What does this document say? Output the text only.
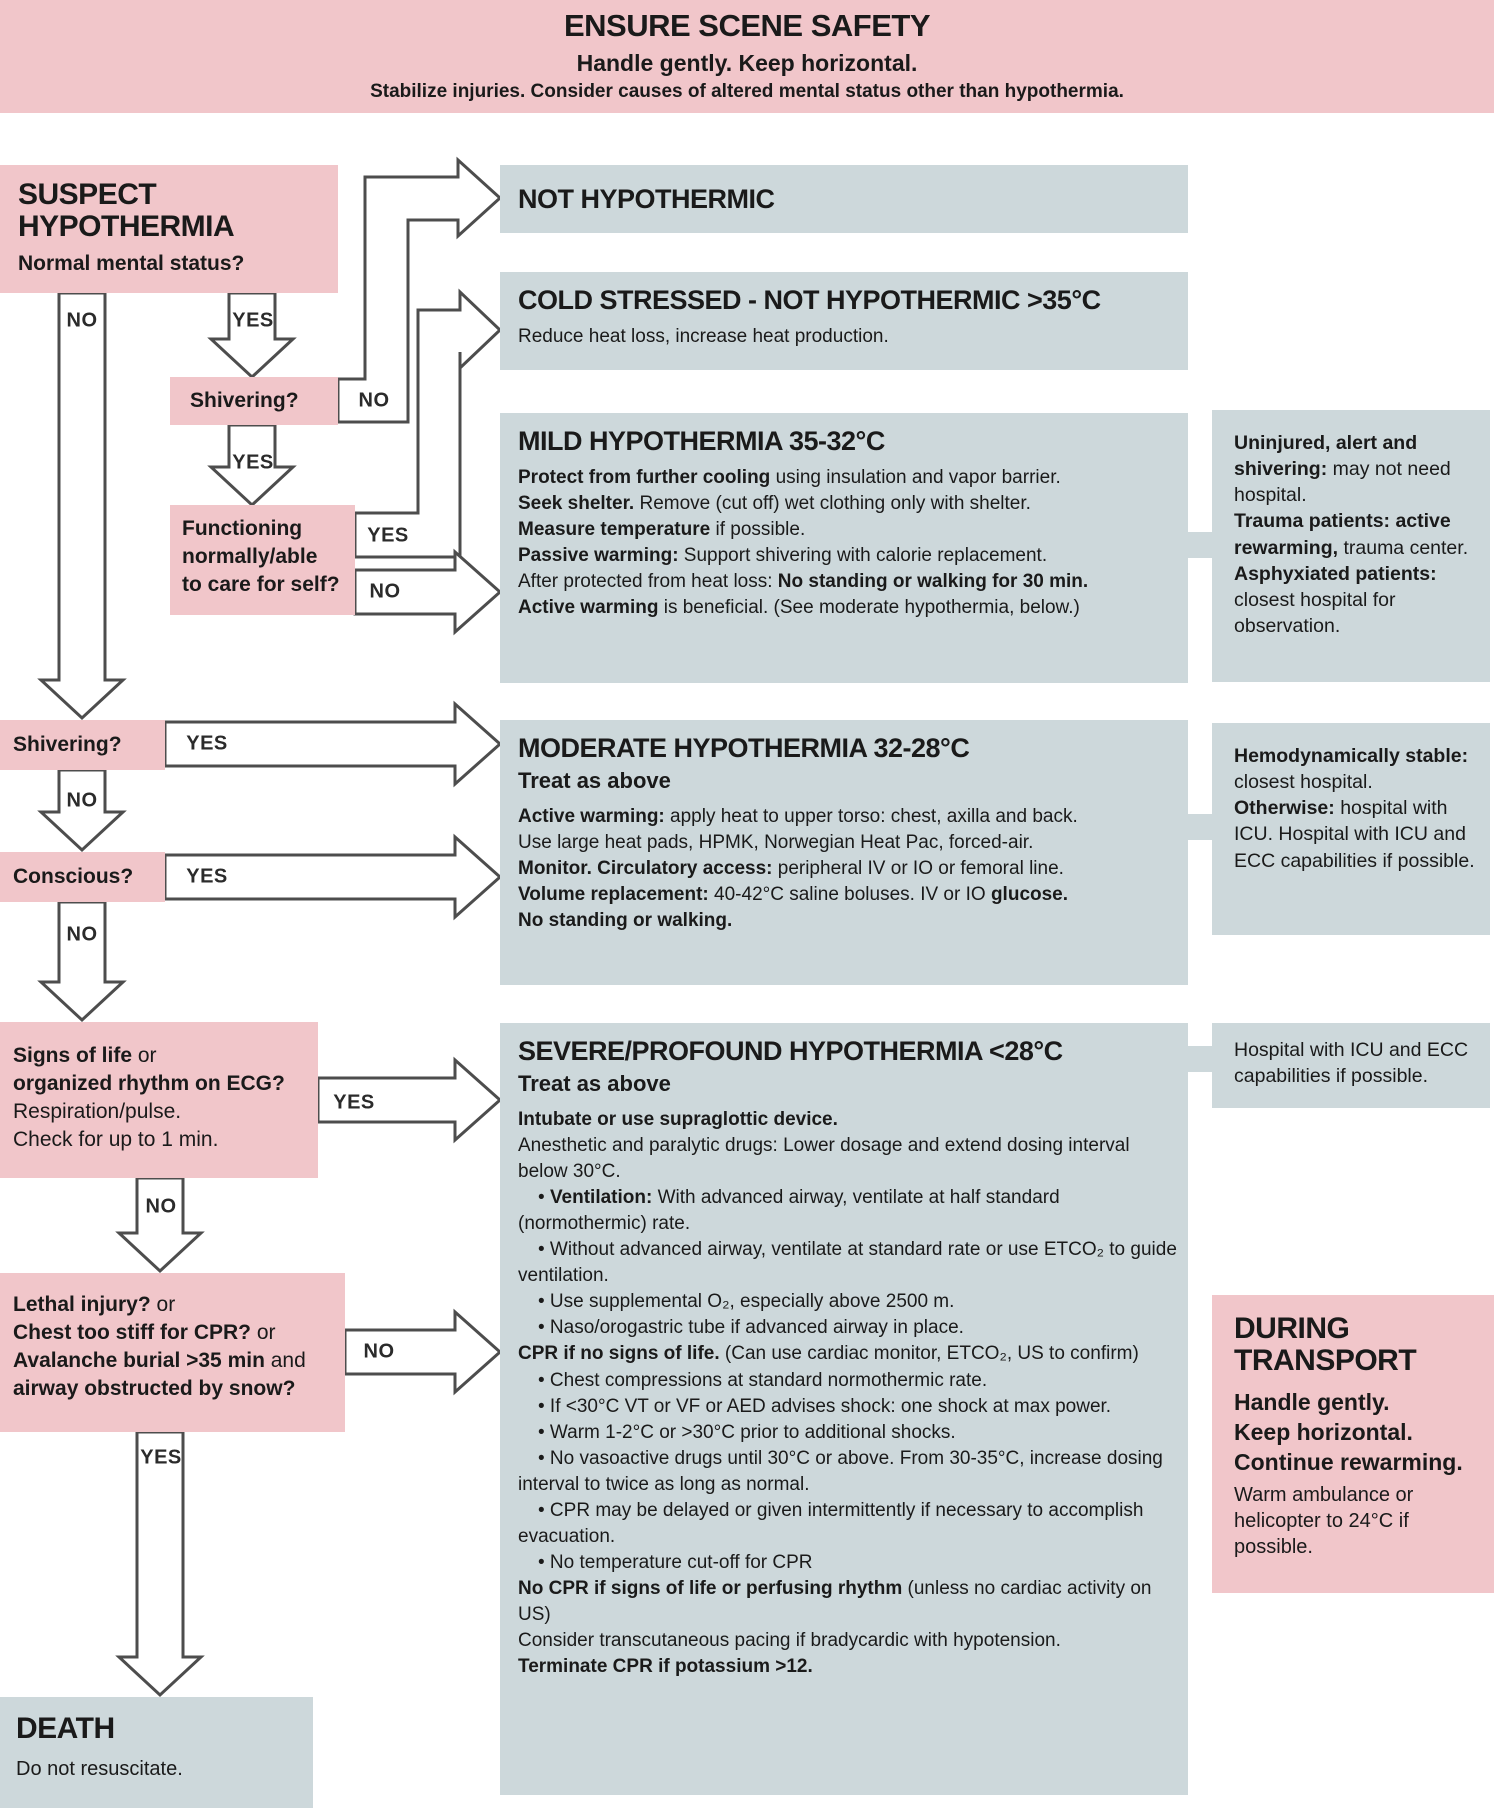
ENSURE SCENE SAFETY
Handle gently. Keep horizontal.
Stabilize injuries. Consider causes of altered mental status other than hypothermia.
SUSPECT
HYPOTHERMIA
Normal mental status?
Shivering?
Functioning
normally/able
to care for self?
Shivering?
Conscious?
Signs of life or
organized rhythm on ECG?
Respiration/pulse.
Check for up to 1 min.
Lethal injury? or
Chest too stiff for CPR? or
Avalanche burial >35 min and
airway obstructed by snow?
DEATH
Do not resuscitate.
NOT HYPOTHERMIC
COLD STRESSED - NOT HYPOTHERMIC >35°C
Reduce heat loss, increase heat production.
MILD HYPOTHERMIA 35-32°C
Protect from further cooling using insulation and vapor barrier.
Seek shelter. Remove (cut off) wet clothing only with shelter.
Measure temperature if possible.
Passive warming: Support shivering with calorie replacement.
After protected from heat loss: No standing or walking for 30 min.
Active warming is beneficial. (See moderate hypothermia, below.)
MODERATE HYPOTHERMIA 32-28°C
Treat as above
Active warming: apply heat to upper torso: chest, axilla and back.
Use large heat pads, HPMK, Norwegian Heat Pac, forced-air.
Monitor. Circulatory access: peripheral IV or IO or femoral line.
Volume replacement: 40-42°C saline boluses. IV or IO glucose.
No standing or walking.
SEVERE/PROFOUND HYPOTHERMIA <28°C
Treat as above
Intubate or use supraglottic device.
Anesthetic and paralytic drugs: Lower dosage and extend dosing interval below 30°C.
• Ventilation: With advanced airway, ventilate at half standard (normothermic) rate.
• Without advanced airway, ventilate at standard rate or use ETCO₂ to guide ventilation.
• Use supplemental O₂, especially above 2500 m.
• Naso/orogastric tube if advanced airway in place.
CPR if no signs of life. (Can use cardiac monitor, ETCO₂, US to confirm)
• Chest compressions at standard normothermic rate.
• If <30°C VT or VF or AED advises shock: one shock at max power.
• Warm 1-2°C or >30°C prior to additional shocks.
• No vasoactive drugs until 30°C or above. From 30-35°C, increase dosing interval to twice as long as normal.
• CPR may be delayed or given intermittently if necessary to accomplish evacuation.
• No temperature cut-off for CPR
No CPR if signs of life or perfusing rhythm (unless no cardiac activity on US)
Consider transcutaneous pacing if bradycardic with hypotension.
Terminate CPR if potassium >12.
Uninjured, alert and shivering: may not need hospital.
Trauma patients: active rewarming, trauma center.
Asphyxiated patients: closest hospital for observation.
Hemodynamically stable: closest hospital.
Otherwise: hospital with ICU. Hospital with ICU and ECC capabilities if possible.
Hospital with ICU and ECC capabilities if possible.
DURING
TRANSPORT
Handle gently.
Keep horizontal.
Continue rewarming.
Warm ambulance or helicopter to 24°C if possible.
NO	YES
NO
YES
YES
NO
YES
NO
YES
NO
YES
NO
NO
YES
